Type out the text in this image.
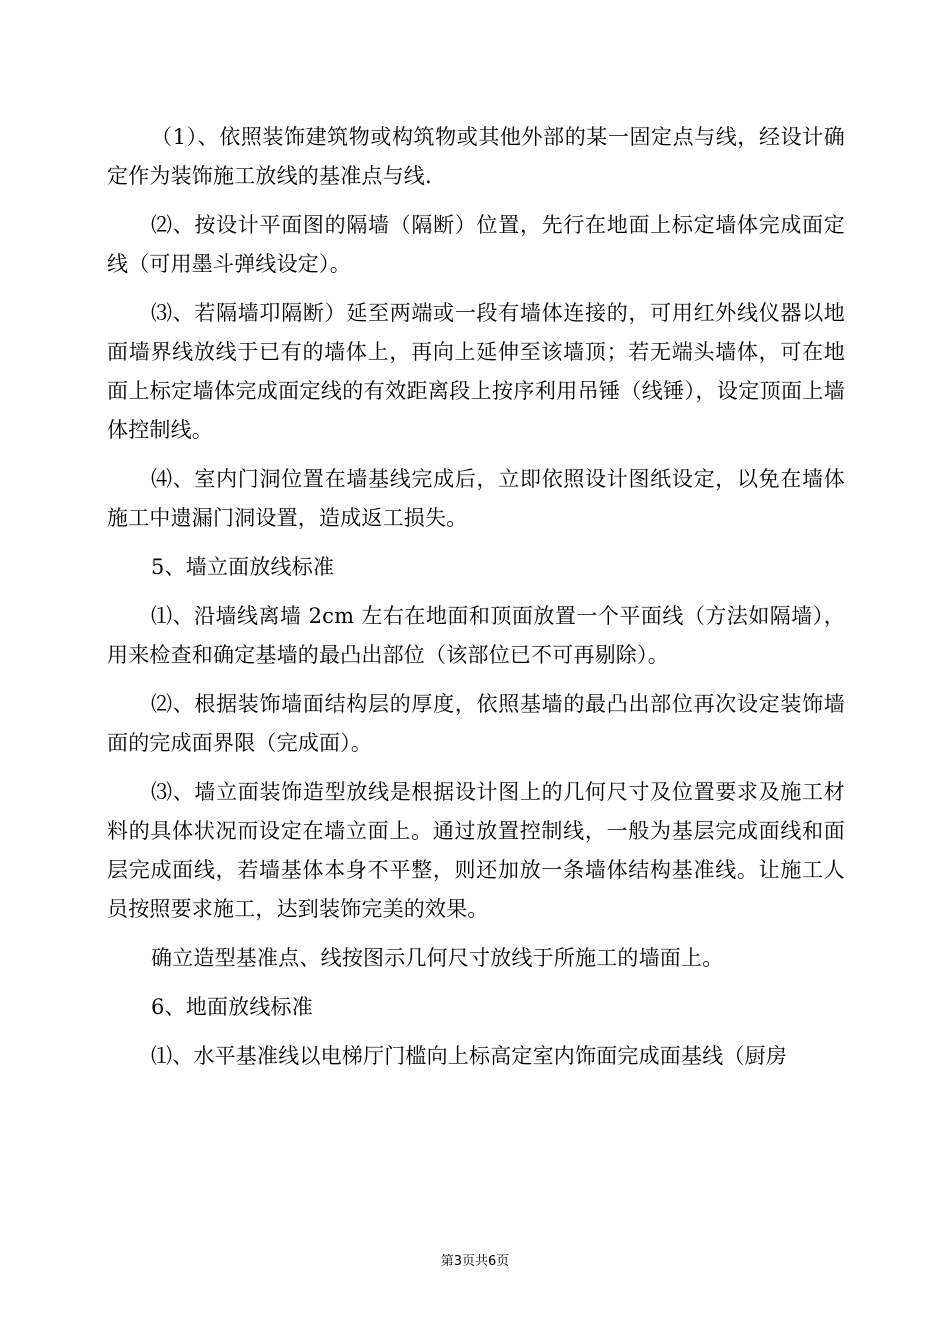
（1）、依照装饰建筑物或构筑物或其他外部的某一固定点与线，经设计确定作为装饰施工放线的基准点与线.

⑵、按设计平面图的隔墙（隔断）位置，先行在地面上标定墙体完成面定线（可用墨斗弹线设定）。

⑶、若隔墙卭隔断）延至两端或一段有墙体连接的，可用红外线仪器以地面墙界线放线于已有的墙体上，再向上延伸至该墙顶；若无端头墙体，可在地面上标定墙体完成面定线的有效距离段上按序利用吊锤（线锤），设定顶面上墙体控制线。

⑷、室内门洞位置在墙基线完成后，立即依照设计图纸设定，以免在墙体施工中遗漏门洞设置，造成返工损失。

5、墙立面放线标准

⑴、沿墙线离墙 2cm 左右在地面和顶面放置一个平面线（方法如隔墙），用来检查和确定基墙的最凸出部位（该部位已不可再剔除）。

⑵、根据装饰墙面结构层的厚度，依照基墙的最凸出部位再次设定装饰墙面的完成面界限（完成面）。

⑶、墙立面装饰造型放线是根据设计图上的几何尺寸及位置要求及施工材料的具体状况而设定在墙立面上。通过放置控制线，一般为基层完成面线和面层完成面线，若墙基体本身不平整，则还加放一条墙体结构基准线。让施工人员按照要求施工，达到装饰完美的效果。

确立造型基准点、线按图示几何尺寸放线于所施工的墙面上。

6、地面放线标准

⑴、水平基准线以电梯厅门槛向上标高定室内饰面完成面基线（厨房

第3页共6页
